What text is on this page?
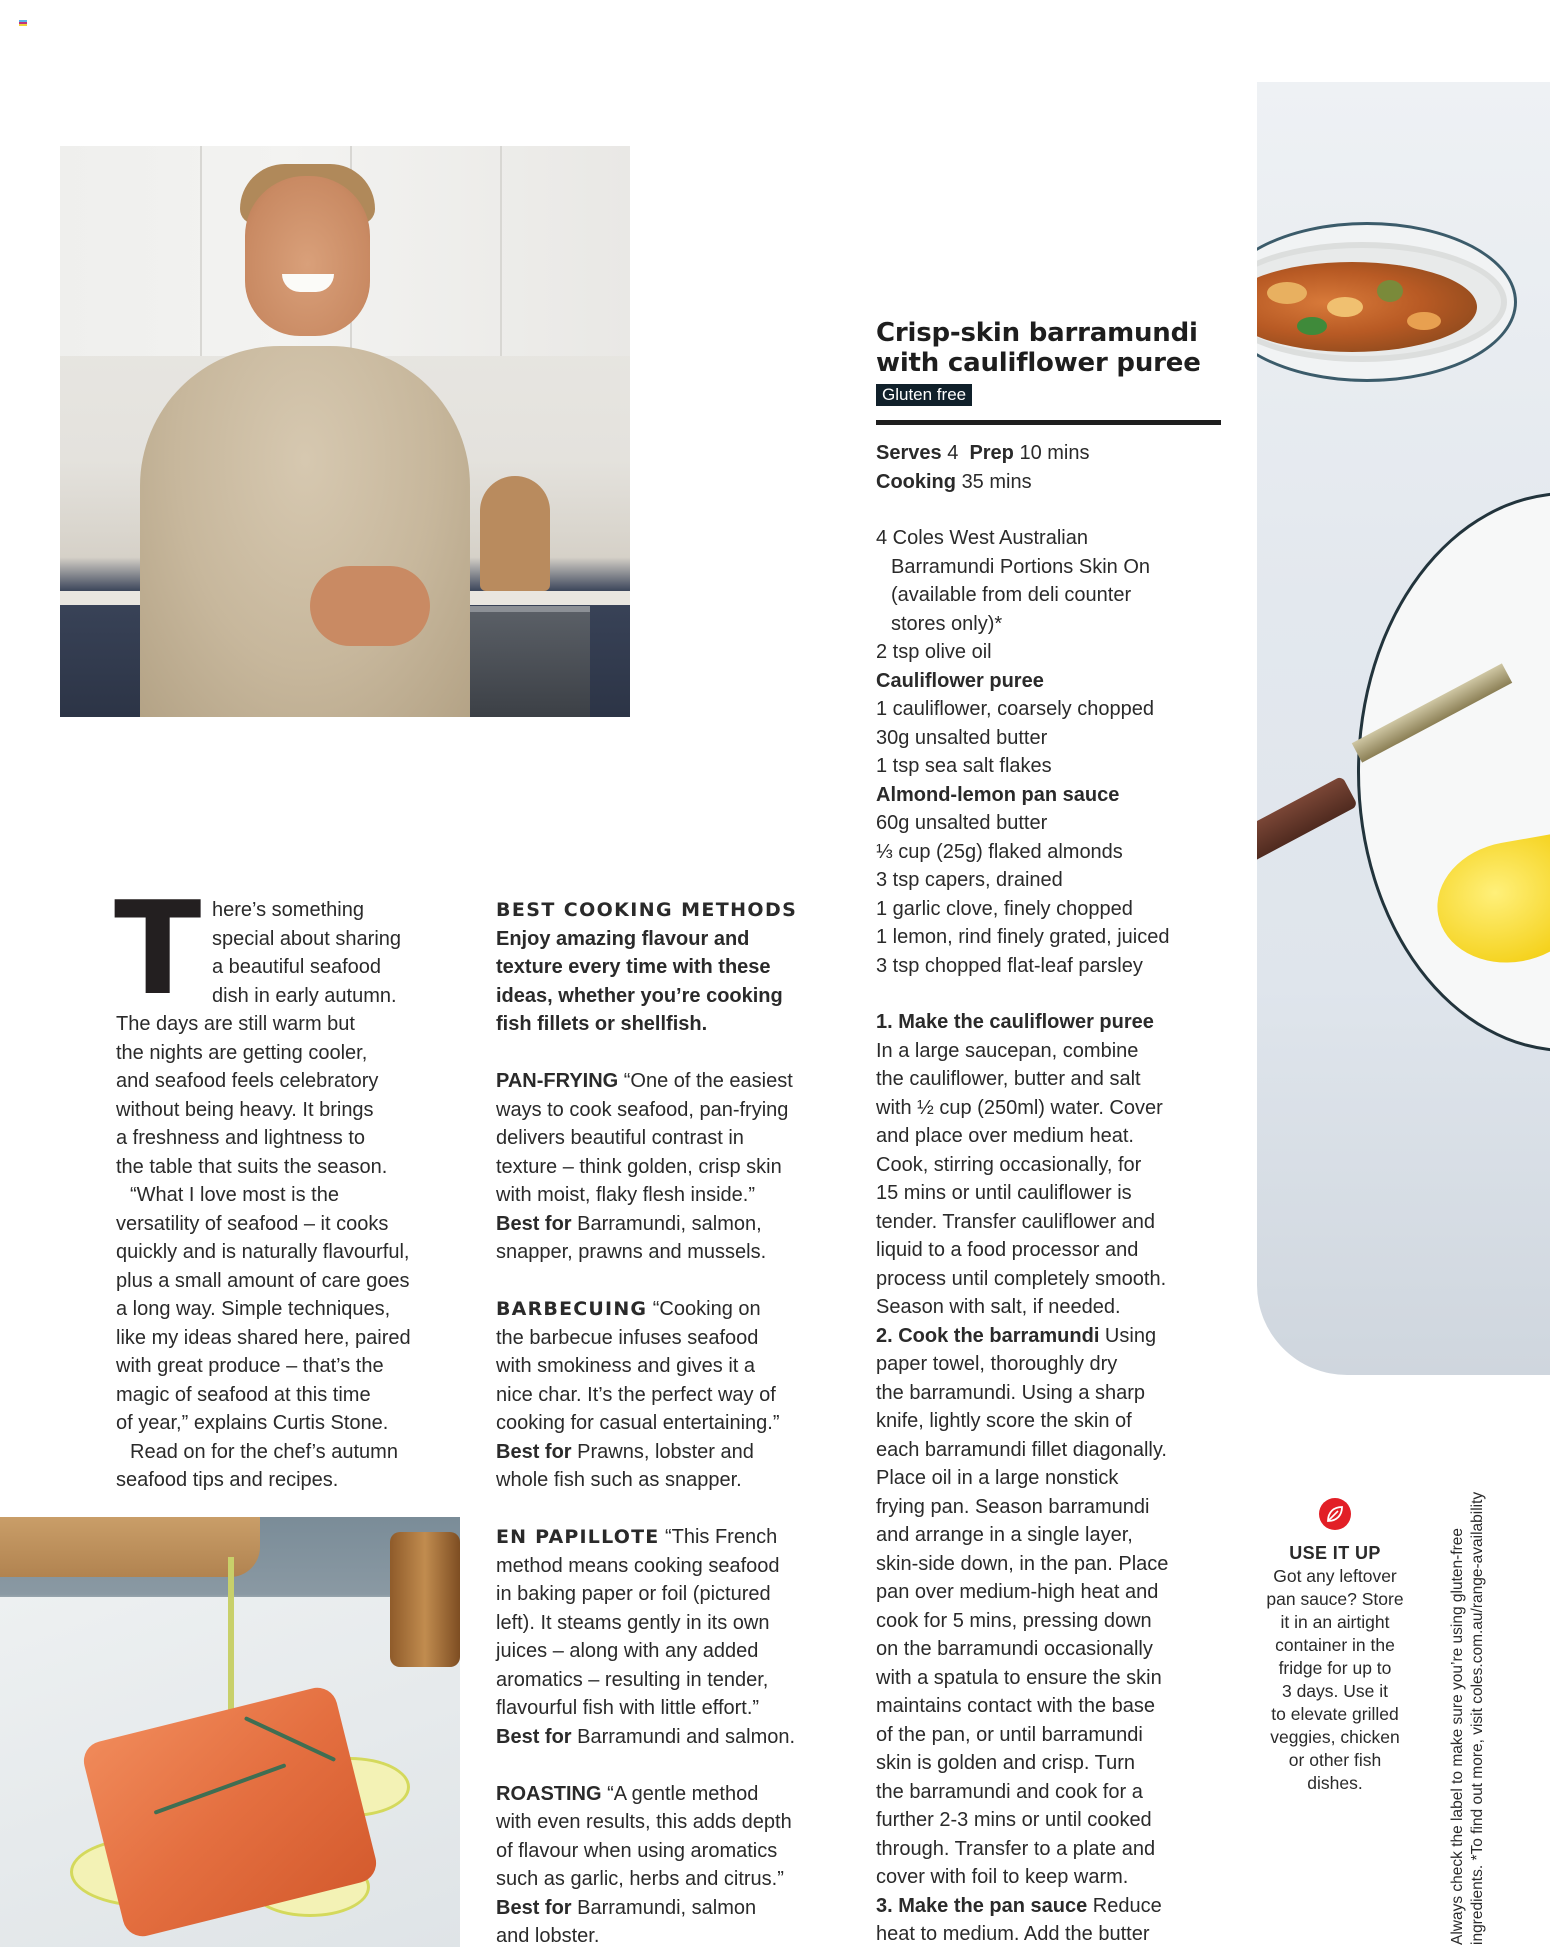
Crisp-skin barramundi
with cauliflower puree
Gluten free
Serves 4 Prep 10 mins
Cooking 35 mins
4 Coles West Australian
Barramundi Portions Skin On
(available from deli counter
stores only)*
2 tsp olive oil
Cauliflower puree
1 cauliflower, coarsely chopped
30g unsalted butter
1 tsp sea salt flakes
Almond-lemon pan sauce
60g unsalted butter
⅓ cup (25g) flaked almonds
3 tsp capers, drained
1 garlic clove, finely chopped
1 lemon, rind finely grated, juiced
3 tsp chopped flat-leaf parsley
1. Make the cauliflower puree
In a large saucepan, combine
the cauliflower, butter and salt
with ½ cup (250ml) water. Cover
and place over medium heat.
Cook, stirring occasionally, for
15 mins or until cauliflower is
tender. Transfer cauliflower and
liquid to a food processor and
process until completely smooth.
Season with salt, if needed.
2. Cook the barramundi Using
paper towel, thoroughly dry
the barramundi. Using a sharp
knife, lightly score the skin of
each barramundi fillet diagonally.
Place oil in a large nonstick
frying pan. Season barramundi
and arrange in a single layer,
skin-side down, in the pan. Place
pan over medium-high heat and
cook for 5 mins, pressing down
on the barramundi occasionally
with a spatula to ensure the skin
maintains contact with the base
of the pan, or until barramundi
skin is golden and crisp. Turn
the barramundi and cook for a
further 2-3 mins or until cooked
through. Transfer to a plate and
cover with foil to keep warm.
3. Make the pan sauce Reduce
heat to medium. Add the butter
T here’s something
special about sharing
a beautiful seafood
dish in early autumn.
The days are still warm but
the nights are getting cooler,
and seafood feels celebratory
without being heavy. It brings
a freshness and lightness to
the table that suits the season.
“What I love most is the
versatility of seafood – it cooks
quickly and is naturally flavourful,
plus a small amount of care goes
a long way. Simple techniques,
like my ideas shared here, paired
with great produce – that’s the
magic of seafood at this time
of year,” explains Curtis Stone.
Read on for the chef’s autumn
seafood tips and recipes.
BEST COOKING METHODS
Enjoy amazing flavour and
texture every time with these
ideas, whether you’re cooking
fish fillets or shellfish.
PAN-FRYING “One of the easiest
ways to cook seafood, pan-frying
delivers beautiful contrast in
texture – think golden, crisp skin
with moist, flaky flesh inside.”
Best for Barramundi, salmon,
snapper, prawns and mussels.
BARBECUING “Cooking on
the barbecue infuses seafood
with smokiness and gives it a
nice char. It’s the perfect way of
cooking for casual entertaining.”
Best for Prawns, lobster and
whole fish such as snapper.
EN PAPILLOTE “This French
method means cooking seafood
in baking paper or foil (pictured
left). It steams gently in its own
juices – along with any added
aromatics – resulting in tender,
flavourful fish with little effort.”
Best for Barramundi and salmon.
ROASTING “A gentle method
with even results, this adds depth
of flavour when using aromatics
such as garlic, herbs and citrus.”
Best for Barramundi, salmon
and lobster.
USE IT UP
Got any leftover
pan sauce? Store
it in an airtight
container in the
fridge for up to
3 days. Use it
to elevate grilled
veggies, chicken
or other fish
dishes.	Always check the label to make sure you’re using gluten-free ingredients. *To find out more, visit coles.com.au/range-availability
